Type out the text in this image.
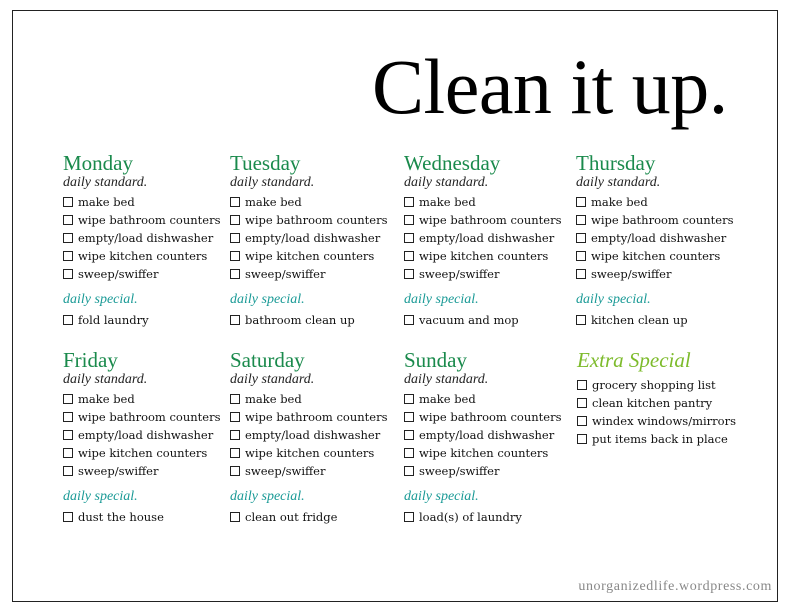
Clean it up.
Monday
daily standard.
make bed
wipe bathroom counters
empty/load dishwasher
wipe kitchen counters
sweep/swiffer
daily special.
fold laundry
Tuesday
daily standard.
make bed
wipe bathroom counters
empty/load dishwasher
wipe kitchen counters
sweep/swiffer
daily special.
bathroom clean up
Wednesday
daily standard.
make bed
wipe bathroom counters
empty/load dishwasher
wipe kitchen counters
sweep/swiffer
daily special.
vacuum and mop
Thursday
daily standard.
make bed
wipe bathroom counters
empty/load dishwasher
wipe kitchen counters
sweep/swiffer
daily special.
kitchen clean up
Friday
daily standard.
make bed
wipe bathroom counters
empty/load dishwasher
wipe kitchen counters
sweep/swiffer
daily special.
dust the house
Saturday
daily standard.
make bed
wipe bathroom counters
empty/load dishwasher
wipe kitchen counters
sweep/swiffer
daily special.
clean out fridge
Sunday
daily standard.
make bed
wipe bathroom counters
empty/load dishwasher
wipe kitchen counters
sweep/swiffer
daily special.
load(s) of laundry
Extra Special
grocery shopping list
clean kitchen pantry
windex windows/mirrors
put items back in place
unorganizedlife.wordpress.com
